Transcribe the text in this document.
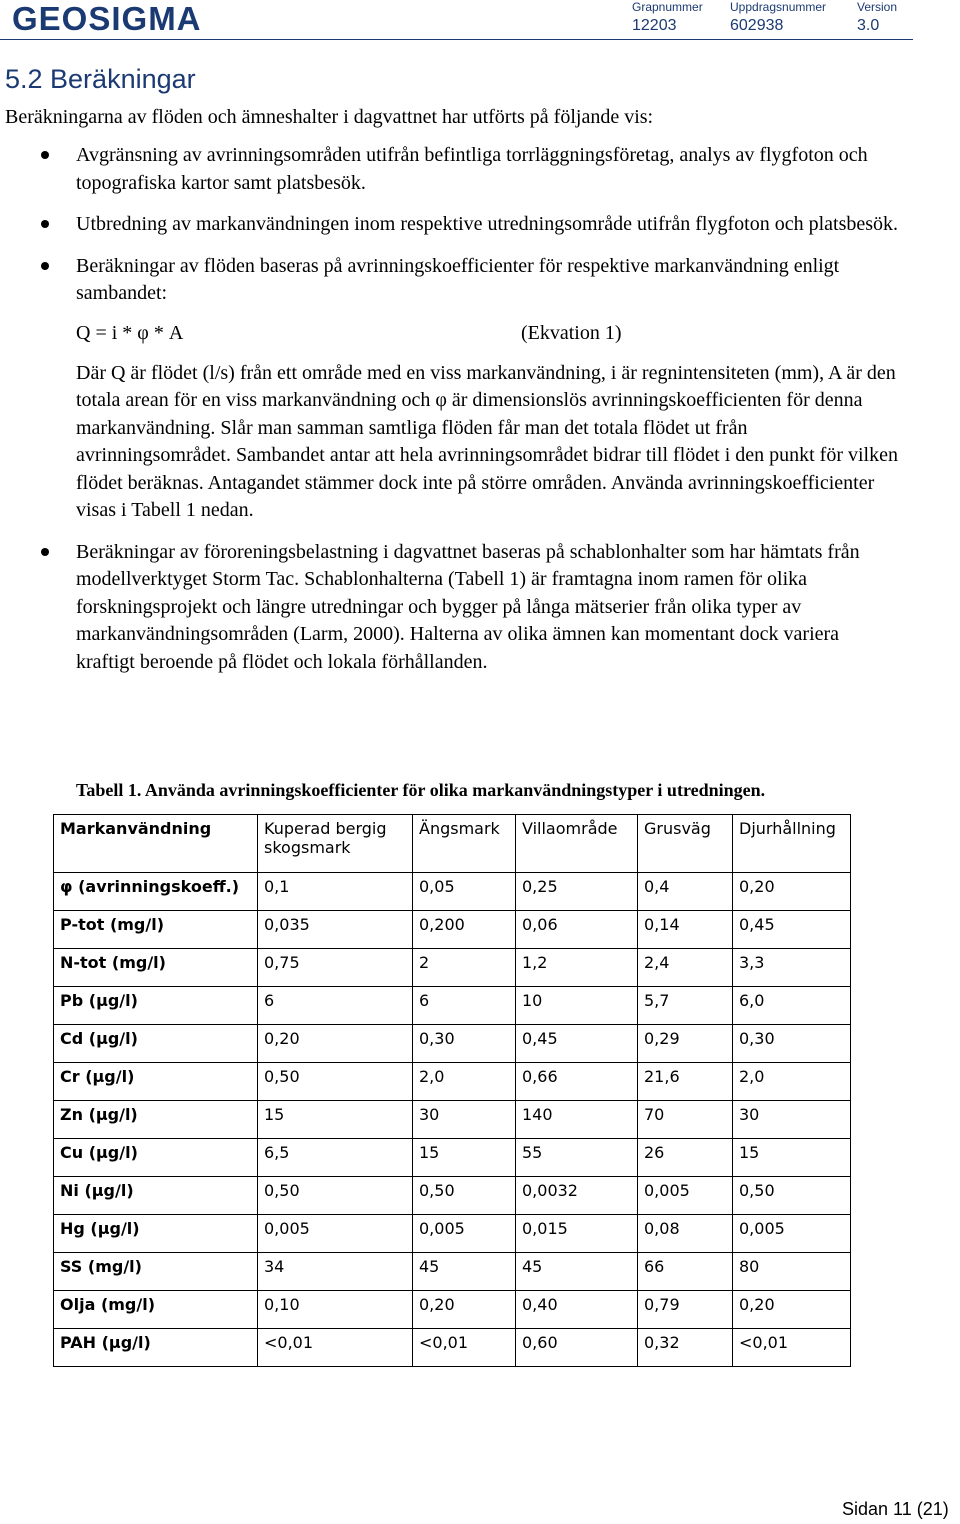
GEOSIGMA	Grapnummer Uppdragsnummer	Version
12203	602938	3.0
5.2 Beräkningar
Beräkningarna av flöden och ämneshalter i dagvattnet har utförts på följande vis:
Avgränsning av avrinningsområden utifrån befintliga torrläggningsföretag, analys av flygfoton och topografiska kartor samt platsbesök.
Utbredning av markanvändningen inom respektive utredningsområde utifrån flygfoton och platsbesök.
Beräkningar av flöden baseras på avrinningskoefficienter för respektive markanvändning enligt sambandet:
Q = i * φ * A	(Ekvation 1)
Där Q är flödet (l/s) från ett område med en viss markanvändning, i är regnintensiteten (mm), A är den totala arean för en viss markanvändning och φ är dimensionslös avrinningskoefficienten för denna markanvändning. Slår man samman samtliga flöden får man det totala flödet ut från avrinningsområdet. Sambandet antar att hela avrinningsområdet bidrar till flödet i den punkt för vilken flödet beräknas. Antagandet stämmer dock inte på större områden. Använda avrinningskoefficienter visas i Tabell 1 nedan.
Beräkningar av föroreningsbelastning i dagvattnet baseras på schablonhalter som har hämtats från modellverktyget Storm Tac. Schablonhalterna (Tabell 1) är framtagna inom ramen för olika forskningsprojekt och längre utredningar och bygger på långa mätserier från olika typer av markanvändningsområden (Larm, 2000). Halterna av olika ämnen kan momentant dock variera kraftigt beroende på flödet och lokala förhållanden.
Tabell 1. Använda avrinningskoefficienter för olika markanvändningstyper i utredningen.
Markanvändning	Kuperad bergig skogsmark	Ängsmark	Villaområde	Grusväg	Djurhållning
φ (avrinningskoeff.)	0,1	0,05	0,25	0,4	0,20
P-tot (mg/l)	0,035	0,200	0,06	0,14	0,45
N-tot (mg/l)	0,75	2	1,2	2,4	3,3
Pb (µg/l)	6	6	10	5,7	6,0
Cd (µg/l)	0,20	0,30	0,45	0,29	0,30
Cr (µg/l)	0,50	2,0	0,66	21,6	2,0
Zn (µg/l)	15	30	140	70	30
Cu (µg/l)	6,5	15	55	26	15
Ni (µg/l)	0,50	0,50	0,0032	0,005	0,50
Hg (µg/l)	0,005	0,005	0,015	0,08	0,005
SS (mg/l)	34	45	45	66	80
Olja (mg/l)	0,10	0,20	0,40	0,79	0,20
PAH (µg/l)	<0,01	<0,01	0,60	0,32	<0,01
Sidan 11 (21)
